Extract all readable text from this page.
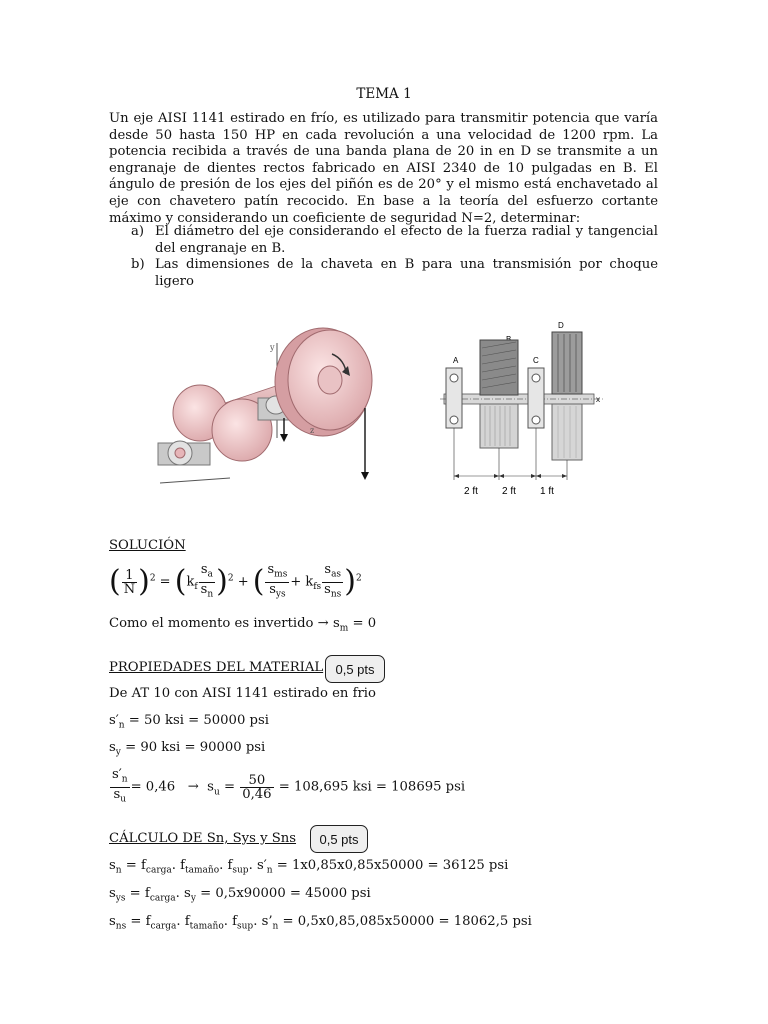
TEMA 1
Un eje AISI 1141 estirado en frío, es utilizado para transmitir potencia que varía desde 50 hasta 150 HP en cada revolución a una velocidad de 1200 rpm. La potencia recibida a través de una banda plana de 20 in en D se transmite a un engranaje de dientes rectos fabricado en AISI 2340 de 10 pulgadas en B. El ángulo de presión de los ejes del piñón es de 20° y el mismo está enchavetado al eje con chavetero patín recocido. En base a la teoría del esfuerzo cortante máximo y considerando un coeficiente de seguridad N=2, determinar:
a) El diámetro del eje considerando el efecto de la fuerza radial y tangencial del engranaje en B.
b) Las dimensiones de la chaveta en B para una transmisión por choque ligero
y
z
A	C
D
x
2 ft 2 ft 1 ft
SOLUCIÓN
( $\frac{1}{N} )^2 = (k_f \frac{s_a}{s_n} )^2$ + ( $\frac{s_{ms}}{s_{ys}} + k_{fs} \frac{s_{as}}{s_{ns}} )^2$
Como el momento es invertido → $s_m = 0$
PROPIEDADES DEL MATERIAL 0,5 pts
De AT 10 con AISI 1141 estirado en frio
$s'_n = 50$ ksi = 50000 psi
$s_y = 90$ ksi = 90000 psi
$\frac{s'_n}{s_u} = 0,46 \to s_u = \frac{50}{0,46} = 108,695$ ksi = 108695 psi
CÁLCULO DE Sn, Sys y Sns	0,5 pts
$s_n = f_{carga}$. $f_{tamaño}$. $f_{sup}$. $s'_n = 1x0,85x0,85x50000 = 36125$ psi
$s_{ys} = f_{carga}$. $s_y = 0,5x90000 = 45000$ psi
$s_{ns} = f_{carga}$. $f_{tamaño}$. $f_{sup}$. $s’_n = 0,5x0,85,085x50000 = 18062,5$ psi
